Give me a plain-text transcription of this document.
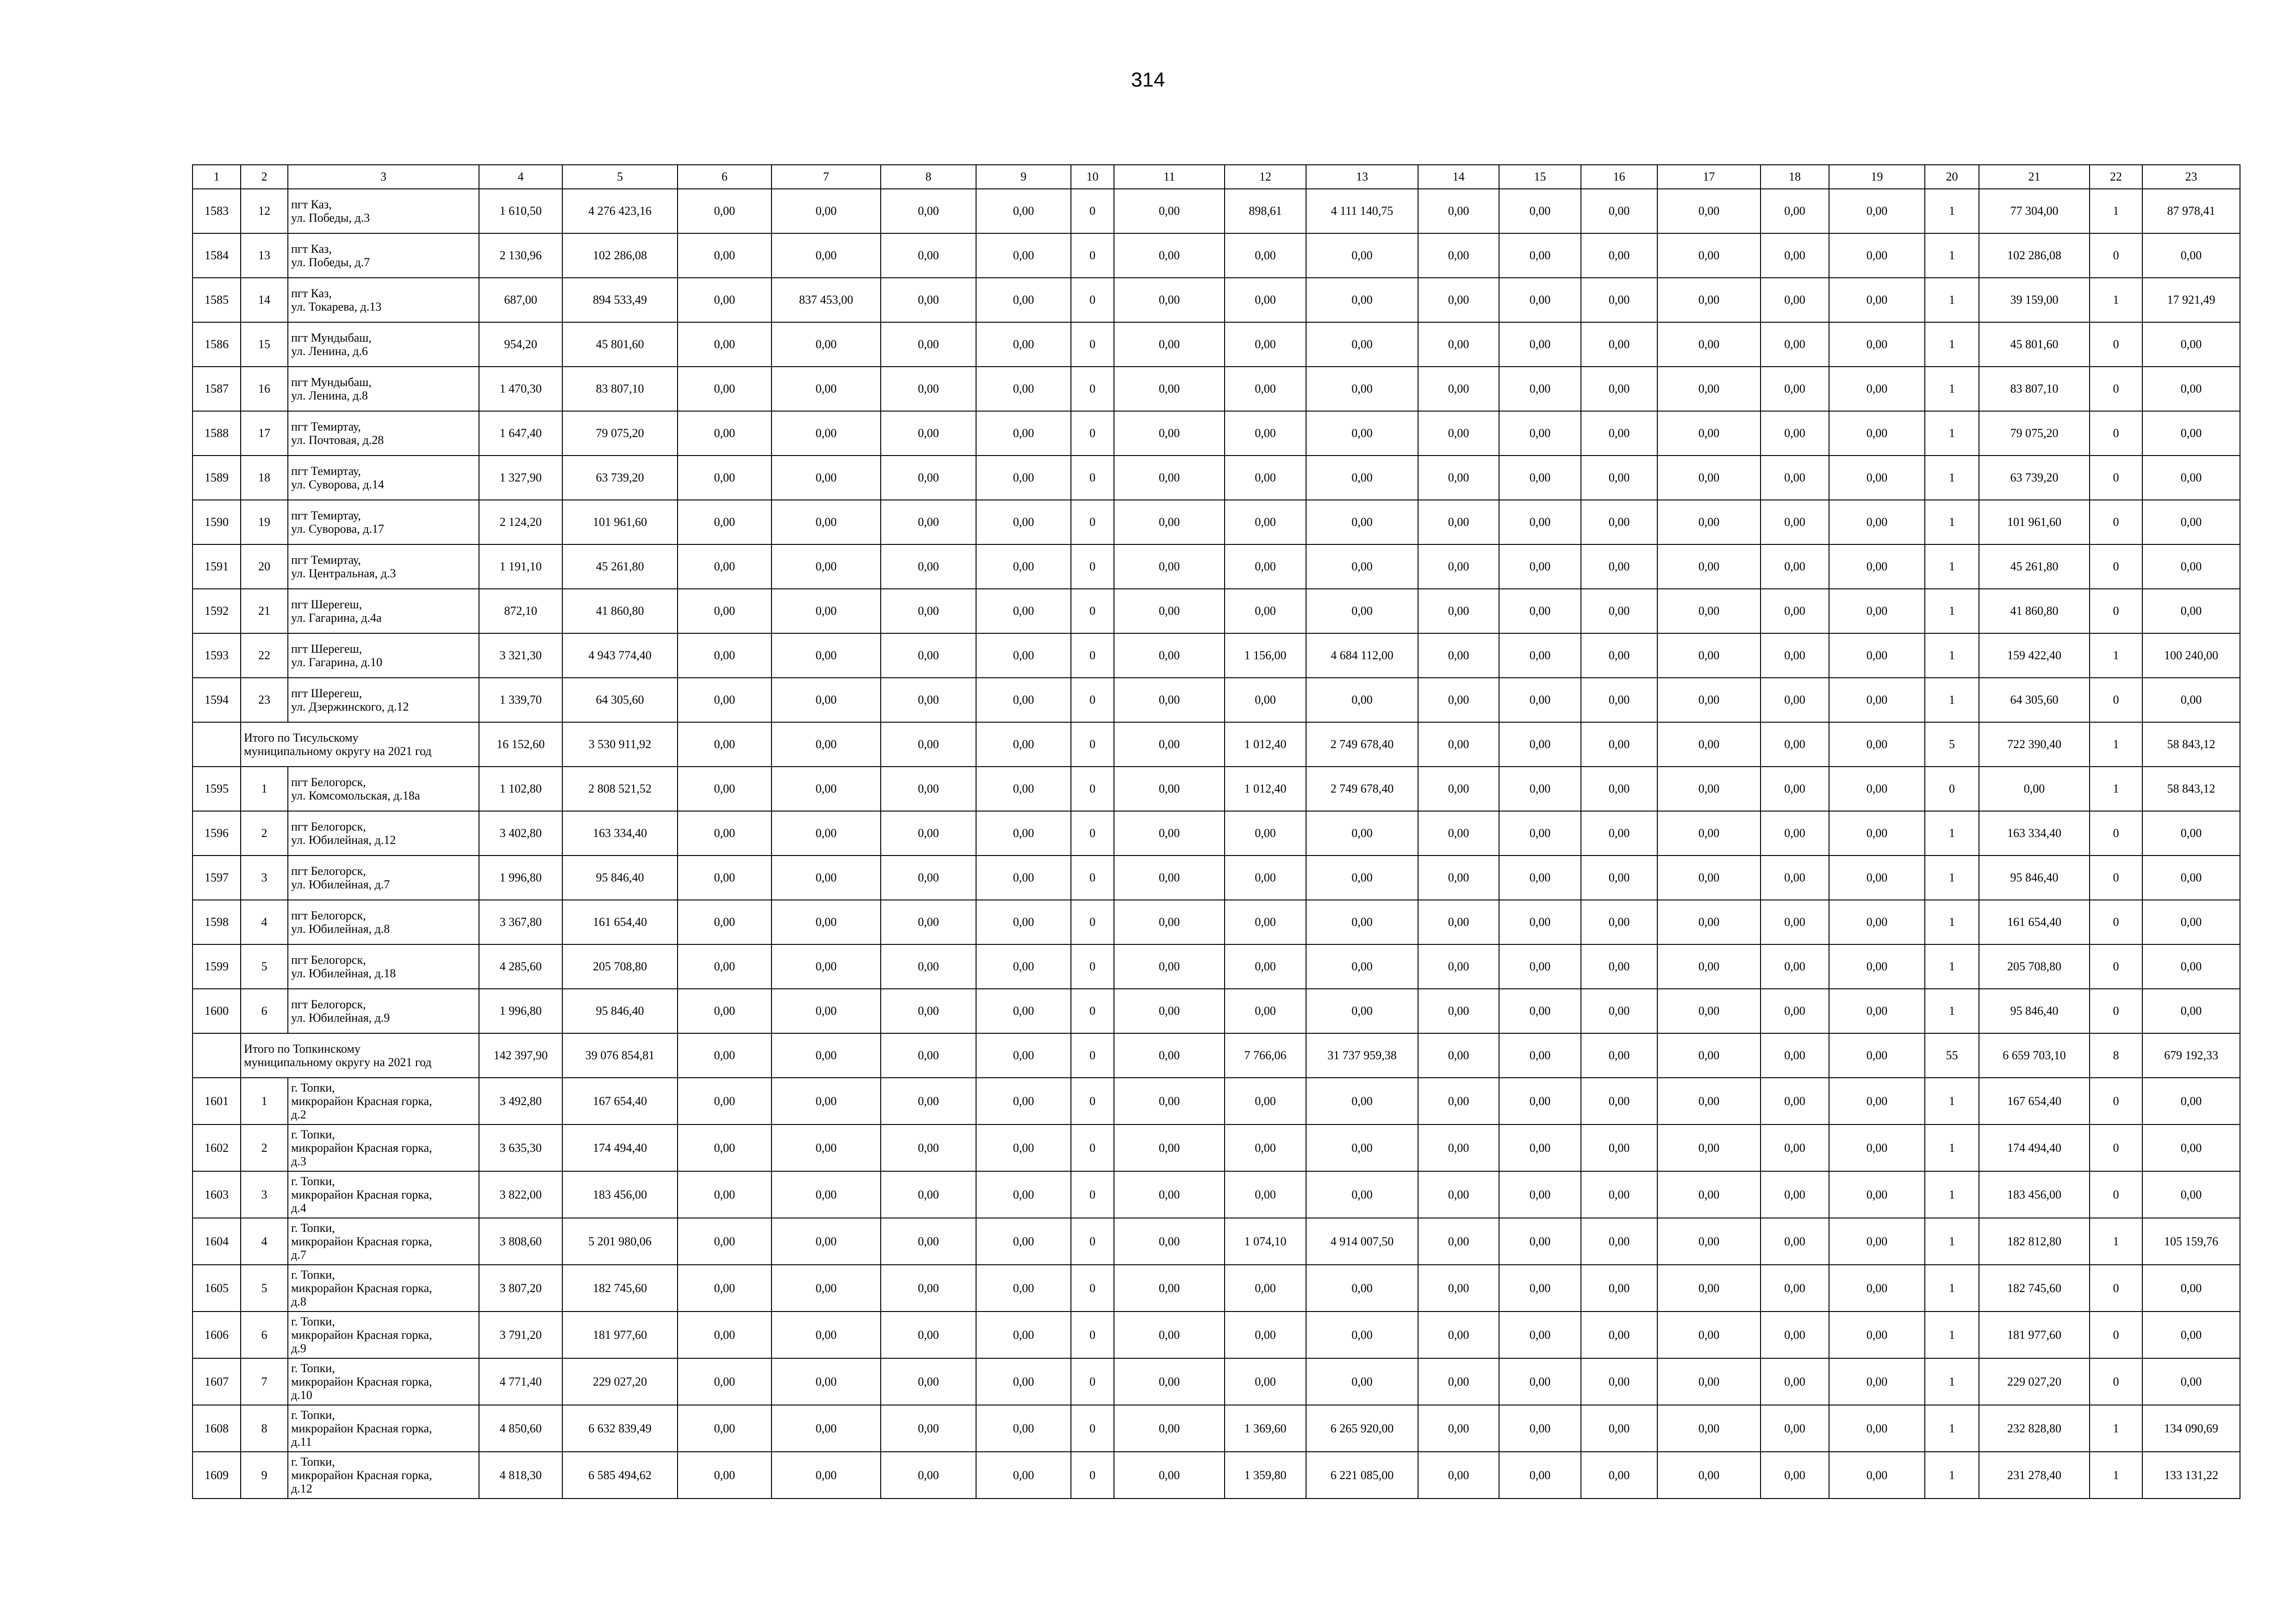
314
1	2	3	4	5	6	7	8	9	10	11	12	13	14	15	16	17	18	19	20	21	22	23
1583	12	пгт Каз,
ул. Победы, д.3	1 610,50	4 276 423,16	0,00	0,00	0,00	0,00	0	0,00	898,61	4 111 140,75	0,00	0,00	0,00	0,00	0,00	0,00	1	77 304,00	1	87 978,41
1584	13	пгт Каз,
ул. Победы, д.7	2 130,96	102 286,08	0,00	0,00	0,00	0,00	0	0,00	0,00	0,00	0,00	0,00	0,00	0,00	0,00	0,00	1	102 286,08	0	0,00
1585	14	пгт Каз,
ул. Токарева, д.13	687,00	894 533,49	0,00	837 453,00	0,00	0,00	0	0,00	0,00	0,00	0,00	0,00	0,00	0,00	0,00	0,00	1	39 159,00	1	17 921,49
1586	15	пгт Мундыбаш,
ул. Ленина, д.6	954,20	45 801,60	0,00	0,00	0,00	0,00	0	0,00	0,00	0,00	0,00	0,00	0,00	0,00	0,00	0,00	1	45 801,60	0	0,00
1587	16	пгт Мундыбаш,
ул. Ленина, д.8	1 470,30	83 807,10	0,00	0,00	0,00	0,00	0	0,00	0,00	0,00	0,00	0,00	0,00	0,00	0,00	0,00	1	83 807,10	0	0,00
1588	17	пгт Темиртау,
ул. Почтовая, д.28	1 647,40	79 075,20	0,00	0,00	0,00	0,00	0	0,00	0,00	0,00	0,00	0,00	0,00	0,00	0,00	0,00	1	79 075,20	0	0,00
1589	18	пгт Темиртау,
ул. Суворова, д.14	1 327,90	63 739,20	0,00	0,00	0,00	0,00	0	0,00	0,00	0,00	0,00	0,00	0,00	0,00	0,00	0,00	1	63 739,20	0	0,00
1590	19	пгт Темиртау,
ул. Суворова, д.17	2 124,20	101 961,60	0,00	0,00	0,00	0,00	0	0,00	0,00	0,00	0,00	0,00	0,00	0,00	0,00	0,00	1	101 961,60	0	0,00
1591	20	пгт Темиртау,
ул. Центральная, д.3	1 191,10	45 261,80	0,00	0,00	0,00	0,00	0	0,00	0,00	0,00	0,00	0,00	0,00	0,00	0,00	0,00	1	45 261,80	0	0,00
1592	21	пгт Шерегеш,
ул. Гагарина, д.4а	872,10	41 860,80	0,00	0,00	0,00	0,00	0	0,00	0,00	0,00	0,00	0,00	0,00	0,00	0,00	0,00	1	41 860,80	0	0,00
1593	22	пгт Шерегеш,
ул. Гагарина, д.10	3 321,30	4 943 774,40	0,00	0,00	0,00	0,00	0	0,00	1 156,00	4 684 112,00	0,00	0,00	0,00	0,00	0,00	0,00	1	159 422,40	1	100 240,00
1594	23	пгт Шерегеш,
ул. Дзержинского, д.12	1 339,70	64 305,60	0,00	0,00	0,00	0,00	0	0,00	0,00	0,00	0,00	0,00	0,00	0,00	0,00	0,00	1	64 305,60	0	0,00

	Итого по Тисульскому
муниципальному округу на 2021 год		16 152,60	3 530 911,92	0,00	0,00	0,00	0,00	0	0,00	1 012,40	2 749 678,40	0,00	0,00	0,00	0,00	0,00	0,00	5	722 390,40	1	58 843,12
1595	1	пгт Белогорск,
ул. Комсомольская, д.18а	1 102,80	2 808 521,52	0,00	0,00	0,00	0,00	0	0,00	1 012,40	2 749 678,40	0,00	0,00	0,00	0,00	0,00	0,00	0	0,00	1	58 843,12
1596	2	пгт Белогорск,
ул. Юбилейная, д.12	3 402,80	163 334,40	0,00	0,00	0,00	0,00	0	0,00	0,00	0,00	0,00	0,00	0,00	0,00	0,00	0,00	1	163 334,40	0	0,00
1597	3	пгт Белогорск,
ул. Юбилейная, д.7	1 996,80	95 846,40	0,00	0,00	0,00	0,00	0	0,00	0,00	0,00	0,00	0,00	0,00	0,00	0,00	0,00	1	95 846,40	0	0,00
1598	4	пгт Белогорск,
ул. Юбилейная, д.8	3 367,80	161 654,40	0,00	0,00	0,00	0,00	0	0,00	0,00	0,00	0,00	0,00	0,00	0,00	0,00	0,00	1	161 654,40	0	0,00
1599	5	пгт Белогорск,
ул. Юбилейная, д.18	4 285,60	205 708,80	0,00	0,00	0,00	0,00	0	0,00	0,00	0,00	0,00	0,00	0,00	0,00	0,00	0,00	1	205 708,80	0	0,00
1600	6	пгт Белогорск,
ул. Юбилейная, д.9	1 996,80	95 846,40	0,00	0,00	0,00	0,00	0	0,00	0,00	0,00	0,00	0,00	0,00	0,00	0,00	0,00	1	95 846,40	0	0,00

	Итого по Топкинскому
муниципальному округу на 2021 год		142 397,90	39 076 854,81	0,00	0,00	0,00	0,00	0	0,00	7 766,06	31 737 959,38	0,00	0,00	0,00	0,00	0,00	0,00	55	6 659 703,10	8	679 192,33
1601	1	г. Топки,
микрорайон Красная горка,
д.2	3 492,80	167 654,40	0,00	0,00	0,00	0,00	0	0,00	0,00	0,00	0,00	0,00	0,00	0,00	0,00	0,00	1	167 654,40	0	0,00
1602	2	г. Топки,
микрорайон Красная горка,
д.3	3 635,30	174 494,40	0,00	0,00	0,00	0,00	0	0,00	0,00	0,00	0,00	0,00	0,00	0,00	0,00	0,00	1	174 494,40	0	0,00
1603	3	г. Топки,
микрорайон Красная горка,
д.4	3 822,00	183 456,00	0,00	0,00	0,00	0,00	0	0,00	0,00	0,00	0,00	0,00	0,00	0,00	0,00	0,00	1	183 456,00	0	0,00
1604	4	г. Топки,
микрорайон Красная горка,
д.7	3 808,60	5 201 980,06	0,00	0,00	0,00	0,00	0	0,00	1 074,10	4 914 007,50	0,00	0,00	0,00	0,00	0,00	0,00	1	182 812,80	1	105 159,76
1605	5	г. Топки,
микрорайон Красная горка,
д.8	3 807,20	182 745,60	0,00	0,00	0,00	0,00	0	0,00	0,00	0,00	0,00	0,00	0,00	0,00	0,00	0,00	1	182 745,60	0	0,00
1606	6	г. Топки,
микрорайон Красная горка,
д.9	3 791,20	181 977,60	0,00	0,00	0,00	0,00	0	0,00	0,00	0,00	0,00	0,00	0,00	0,00	0,00	0,00	1	181 977,60	0	0,00
1607	7	г. Топки,
микрорайон Красная горка,
д.10	4 771,40	229 027,20	0,00	0,00	0,00	0,00	0	0,00	0,00	0,00	0,00	0,00	0,00	0,00	0,00	0,00	1	229 027,20	0	0,00
1608	8	г. Топки,
микрорайон Красная горка,
д.11	4 850,60	6 632 839,49	0,00	0,00	0,00	0,00	0	0,00	1 369,60	6 265 920,00	0,00	0,00	0,00	0,00	0,00	0,00	1	232 828,80	1	134 090,69
1609	9	г. Топки,
микрорайон Красная горка,
д.12	4 818,30	6 585 494,62	0,00	0,00	0,00	0,00	0	0,00	1 359,80	6 221 085,00	0,00	0,00	0,00	0,00	0,00	0,00	1	231 278,40	1	133 131,22
